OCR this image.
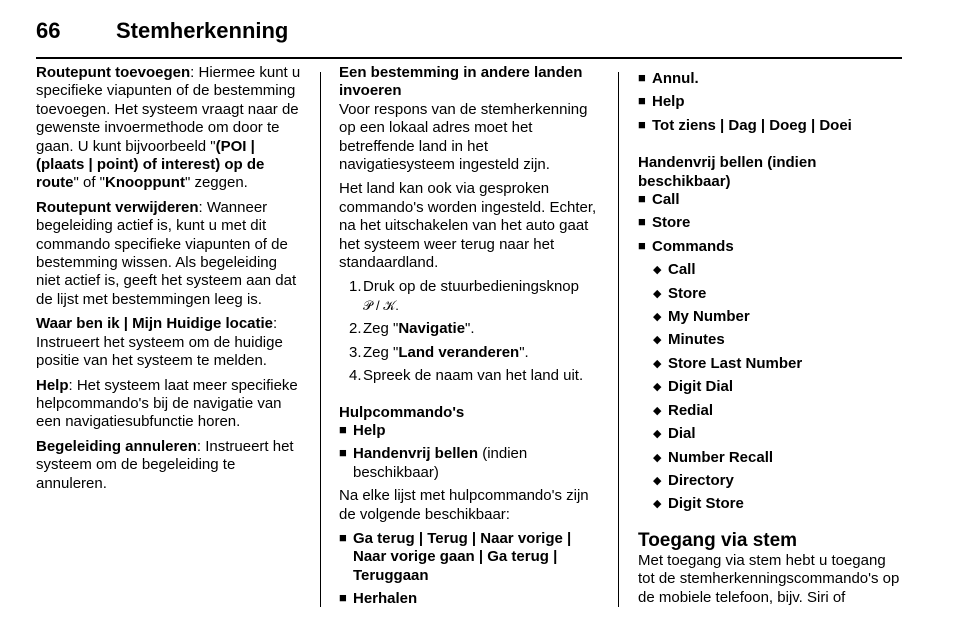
66	Stemherkenning

Routepunt toevoegen: Hiermee kunt u specifieke viapunten of de bestemming toevoegen. Het systeem vraagt naar de gewenste invoermethode om door te gaan. U kunt bijvoorbeeld "(POI | (plaats | point) of interest) op de route" of "Knooppunt" zeggen.

Routepunt verwijderen: Wanneer begeleiding actief is, kunt u met dit commando specifieke viapunten of de bestemming wissen. Als begeleiding niet actief is, geeft het systeem aan dat de lijst met bestemmingen leeg is.

Waar ben ik | Mijn Huidige locatie: Instrueert het systeem om de huidige positie van het systeem te melden.

Help: Het systeem laat meer specifieke helpcommando's bij de navigatie van een navigatiesubfunctie horen.

Begeleiding annuleren: Instrueert het systeem om de begeleiding te annuleren.

Een bestemming in andere landen invoeren

Voor respons van de stemherkenning op een lokaal adres moet het betreffende land in het navigatiesysteem ingesteld zijn.

Het land kan ook via gesproken commando's worden ingesteld. Echter, na het uitschakelen van het auto gaat het systeem weer terug naar het standaardland.

1. Druk op de stuurbedieningsknop
𝒫 / 𝒦.
2. Zeg "Navigatie".
3. Zeg "Land veranderen".
4. Spreek de naam van het land uit.

Hulpcommando's

■ Help
■ Handenvrij bellen (indien beschikbaar)

Na elke lijst met hulpcommando's zijn de volgende beschikbaar:

■ Ga terug | Terug | Naar vorige | Naar vorige gaan | Ga terug | Teruggaan
■ Herhalen
■ Annul.
■ Help
■ Tot ziens | Dag | Doeg | Doei

Handenvrij bellen (indien beschikbaar)

■ Call
■ Store
■ Commands
◆ Call
◆ Store
◆ My Number
◆ Minutes
◆ Store Last Number
◆ Digit Dial
◆ Redial
◆ Dial
◆ Number Recall
◆ Directory
◆ Digit Store

Toegang via stem

Met toegang via stem hebt u toegang tot de stemherkenningscommando's op de mobiele telefoon, bijv. Siri of
